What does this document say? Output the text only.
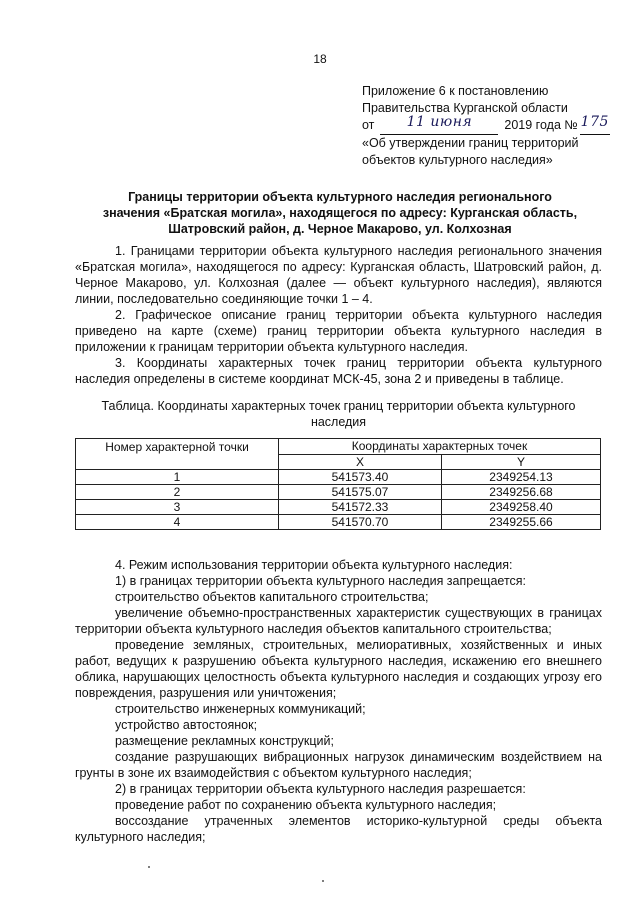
18
Приложение 6 к постановлению
Правительства Курганской области
от	11 июня	2019 года № 175
«Об утверждении границ территорий
объектов культурного наследия»
Границы территории объекта культурного наследия регионального
значения «Братская могила», находящегося по адресу: Курганская область,
Шатровский район, д. Черное Макарово, ул. Колхозная

1. Границами территории объекта культурного наследия регионального значения «Братская могила», находящегося по адресу: Курганская область, Шатровский район, д. Черное Макарово, ул. Колхозная (далее — объект культурного наследия), являются линии, последовательно соединяющие точки 1 – 4.

2. Графическое описание границ территории объекта культурного наследия приведено на карте (схеме) границ территории объекта культурного наследия в приложении к границам территории объекта культурного наследия.

3. Координаты характерных точек границ территории объекта культурного наследия определены в системе координат МСК-45, зона 2 и приведены в таблице.

Таблица. Координаты характерных точек границ территории объекта культурного наследия
Номер характерной точки	Координаты характерных точек	
	X	Y
1	541573.40	2349254.13
2	541575.07	2349256.68
3	541572.33	2349258.40
4	541570.70	2349255.66

4. Режим использования территории объекта культурного наследия:

1) в границах территории объекта культурного наследия запрещается:

строительство объектов капитального строительства;

увеличение объемно-пространственных характеристик существующих в границах территории объекта культурного наследия объектов капитального строительства;

проведение земляных, строительных, мелиоративных, хозяйственных и иных работ, ведущих к разрушению объекта культурного наследия, искажению его внешнего облика, нарушающих целостность объекта культурного наследия и создающих угрозу его повреждения, разрушения или уничтожения;

строительство инженерных коммуникаций;

устройство автостоянок;

размещение рекламных конструкций;

создание разрушающих вибрационных нагрузок динамическим воздействием на грунты в зоне их взаимодействия с объектом культурного наследия;

2) в границах территории объекта культурного наследия разрешается:

проведение работ по сохранению объекта культурного наследия;

воссоздание утраченных элементов историко-культурной среды объекта культурного наследия;
